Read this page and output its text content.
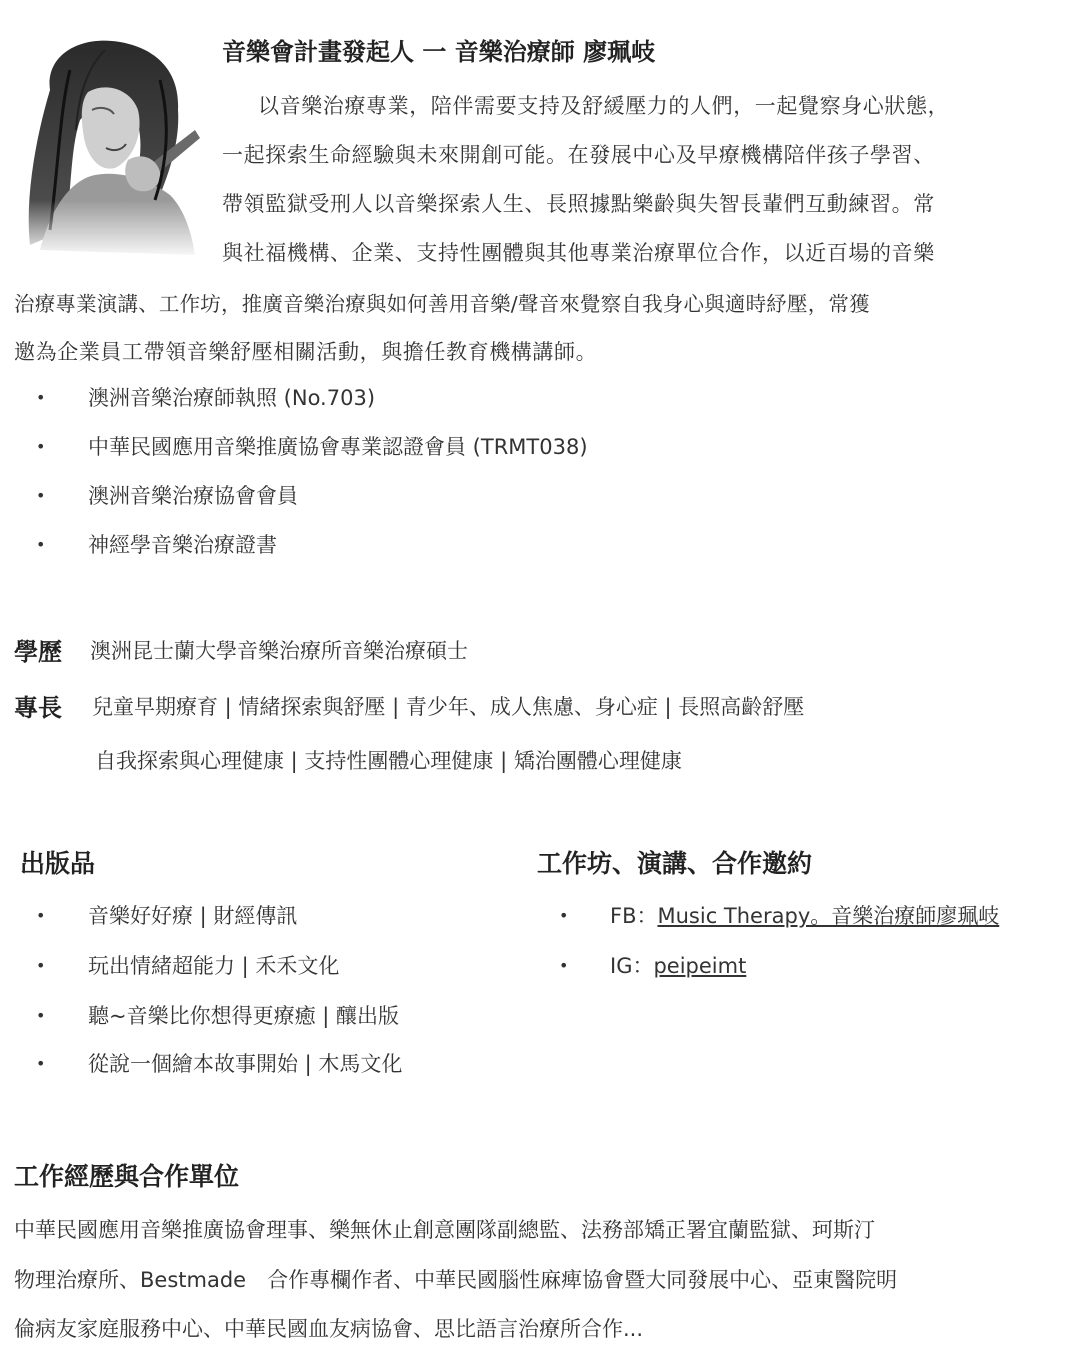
音樂會計畫發起人 一 音樂治療師 廖珮岐
以音樂治療專業，陪伴需要支持及舒緩壓力的人們，一起覺察身心狀態，
一起探索生命經驗與未來開創可能。在發展中心及早療機構陪伴孩子學習、
帶領監獄受刑人以音樂探索人生、長照據點樂齡與失智長輩們互動練習。常
與社福機構、企業、支持性團體與其他專業治療單位合作，以近百場的音樂
治療專業演講、工作坊，推廣音樂治療與如何善用音樂/聲音來覺察自我身心與適時紓壓，常獲
邀為企業員工帶領音樂舒壓相關活動，與擔任教育機構講師。
• 澳洲音樂治療師執照 (No.703)
• 中華民國應用音樂推廣協會專業認證會員 (TRMT038)
• 澳洲音樂治療協會會員
• 神經學音樂治療證書
學歷 澳洲昆士蘭大學音樂治療所音樂治療碩士
專長 兒童早期療育 | 情緒探索與舒壓 | 青少年、成人焦慮、身心症 | 長照高齡舒壓
自我探索與心理健康 | 支持性團體心理健康 | 矯治團體心理健康
出版品
• 音樂好好療 | 財經傳訊
• 玩出情緒超能力 | 禾禾文化
• 聽~音樂比你想得更療癒 | 釀出版
• 從說一個繪本故事開始 | 木馬文化
工作坊、演講、合作邀約
• FB：Music Therapy。音樂治療師廖珮岐
• IG：peipeimt
工作經歷與合作單位
中華民國應用音樂推廣協會理事、樂無休止創意團隊副總監、法務部矯正署宜蘭監獄、珂斯汀
物理治療所、Bestmade　合作專欄作者、中華民國腦性麻痺協會暨大同發展中心、亞東醫院明
倫病友家庭服務中心、中華民國血友病協會、思比語言治療所合作...
